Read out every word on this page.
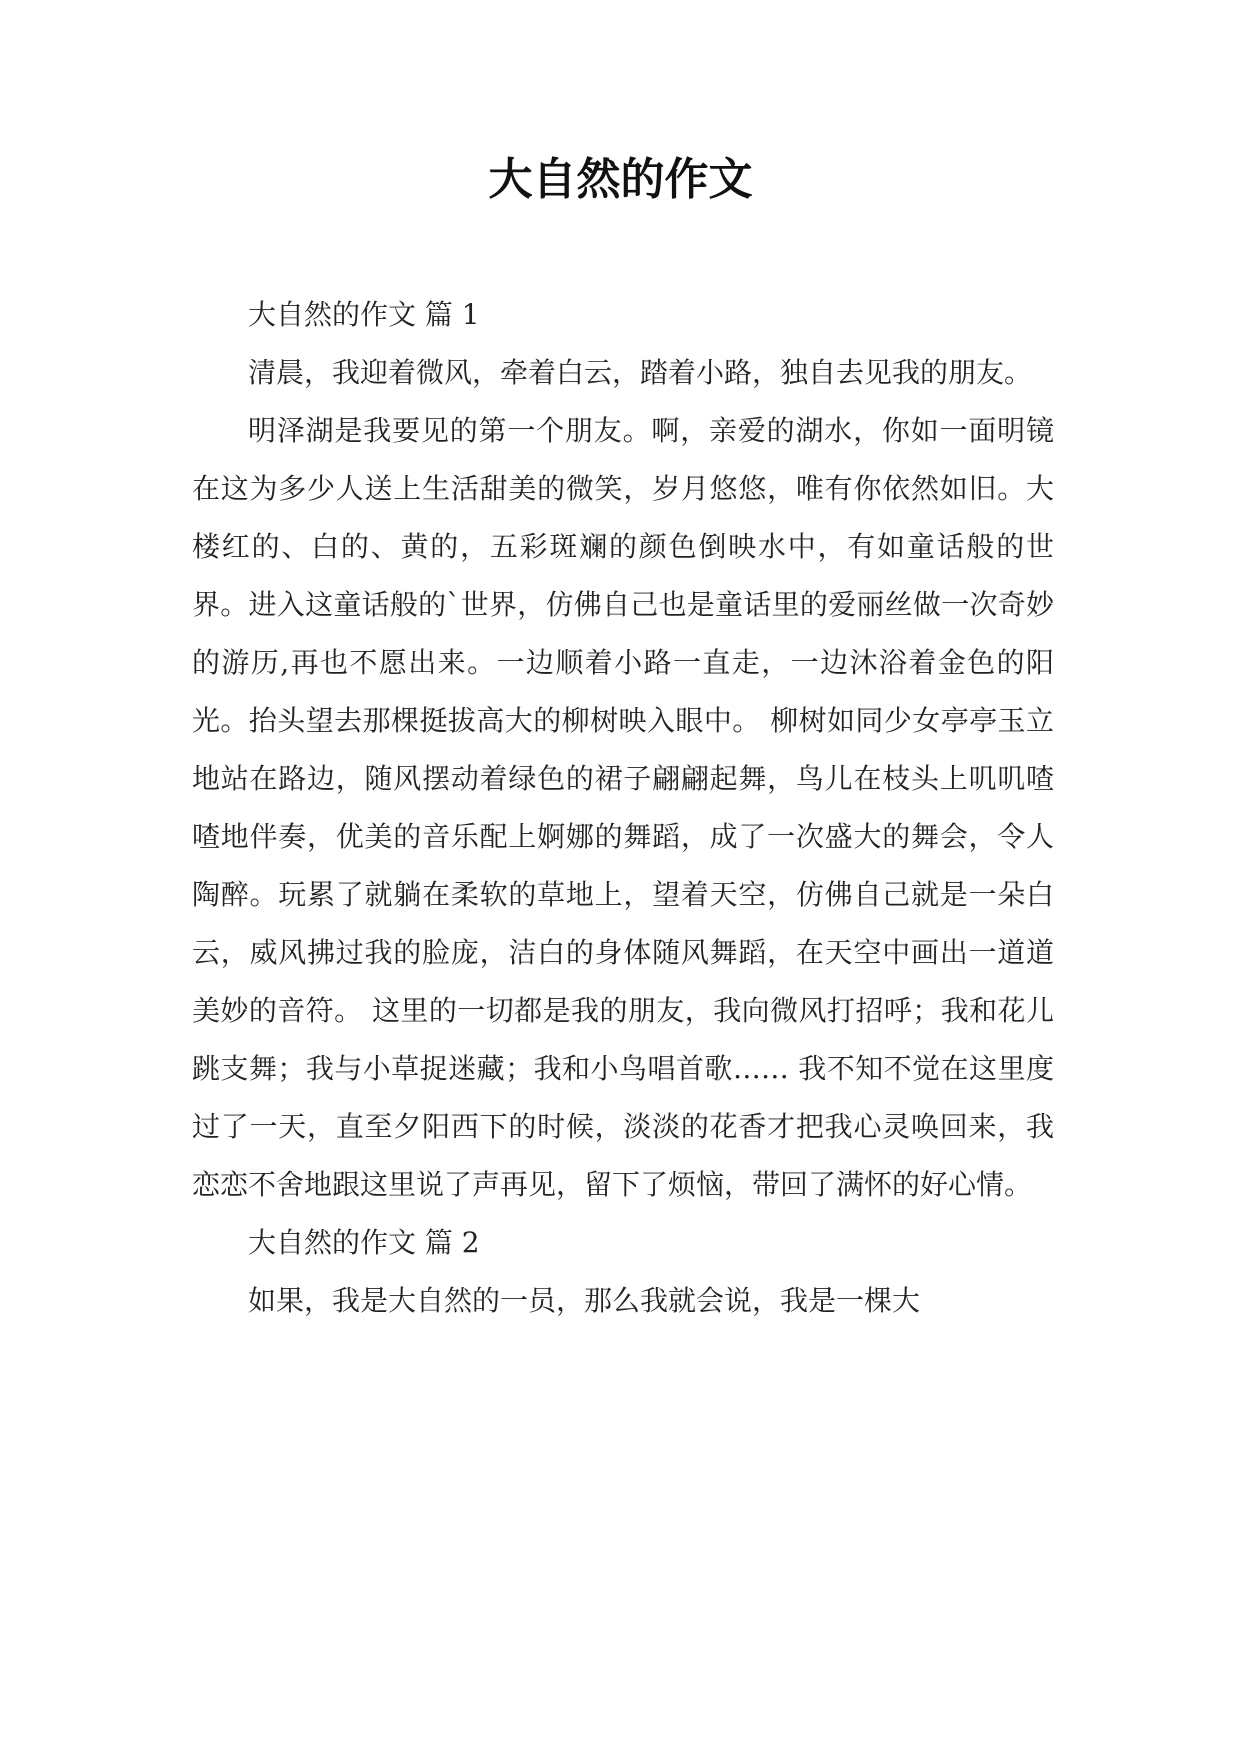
大自然的作文

大自然的作文 篇 1

清晨，我迎着微风，牵着白云，踏着小路，独自去见我的朋友。

明泽湖是我要见的第一个朋友。啊，亲爱的湖水，你如一面明镜在这为多少人送上生活甜美的微笑，岁月悠悠，唯有你依然如旧。大楼红的、白的、黄的，五彩斑斓的颜色倒映水中，有如童话般的世界。进入这童话般的`世界，仿佛自己也是童话里的爱丽丝做一次奇妙的游历,再也不愿出来。一边顺着小路一直走，一边沐浴着金色的阳光。抬头望去那棵挺拔高大的柳树映入眼中。 柳树如同少女亭亭玉立地站在路边，随风摆动着绿色的裙子翩翩起舞，鸟儿在枝头上叽叽喳喳地伴奏，优美的音乐配上婀娜的舞蹈，成了一次盛大的舞会，令人陶醉。玩累了就躺在柔软的草地上，望着天空，仿佛自己就是一朵白云，威风拂过我的脸庞，洁白的身体随风舞蹈，在天空中画出一道道美妙的音符。 这里的一切都是我的朋友，我向微风打招呼；我和花儿跳支舞；我与小草捉迷藏；我和小鸟唱首歌…… 我不知不觉在这里度过了一天，直至夕阳西下的时候，淡淡的花香才把我心灵唤回来，我恋恋不舍地跟这里说了声再见，留下了烦恼，带回了满怀的好心情。

大自然的作文 篇 2

如果，我是大自然的一员，那么我就会说，我是一棵大
